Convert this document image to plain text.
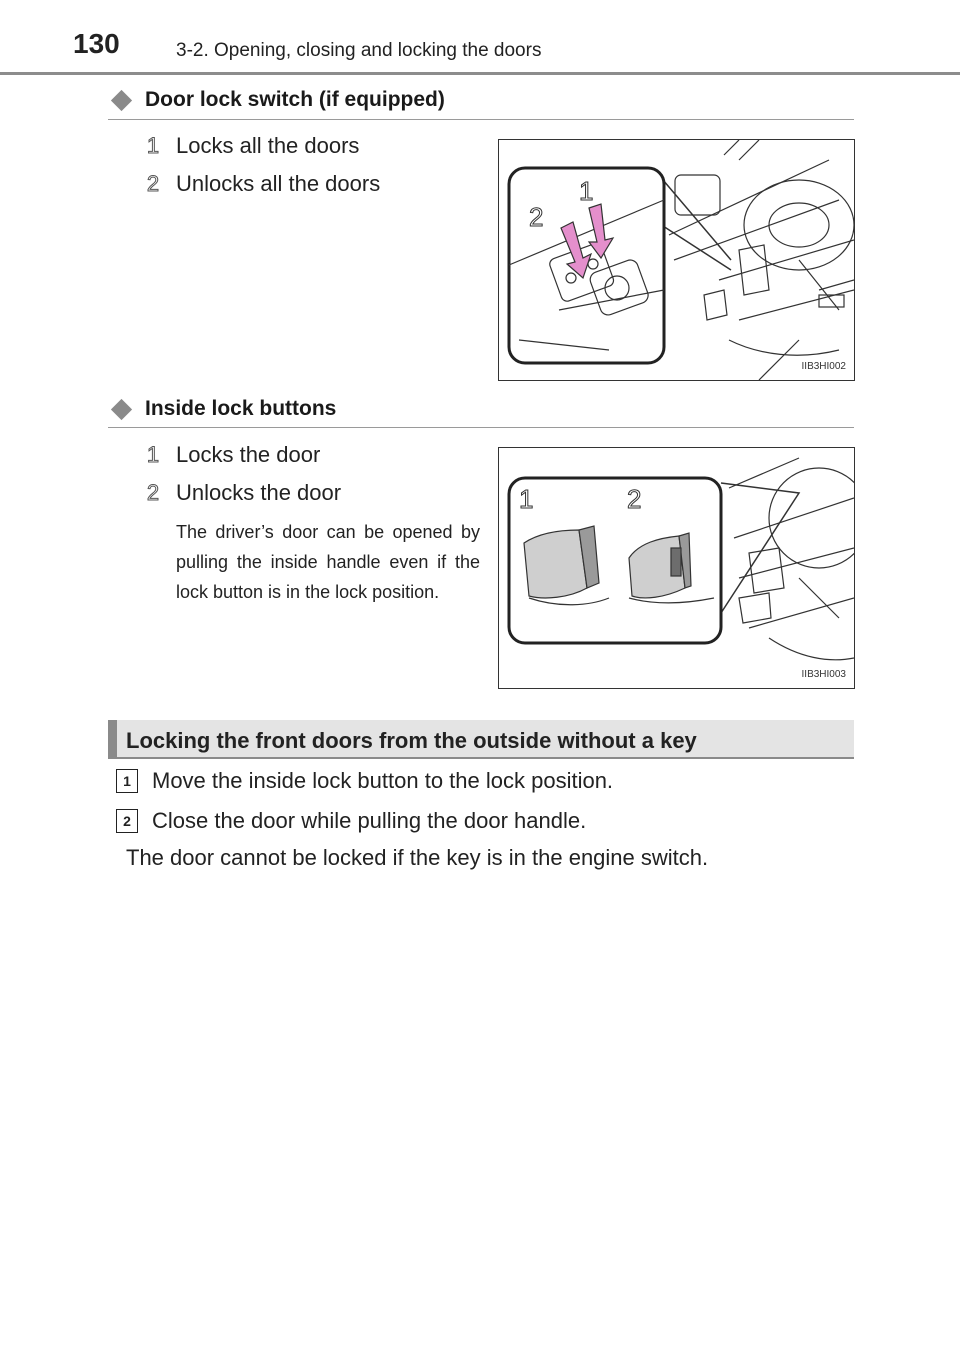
130	3-2. Opening, closing and locking the doors
Door lock switch (if equipped)
1 Locks all the doors
2 Unlocks all the doors	1
2
IIB3HI002
Inside lock buttons
1 Locks the door
2 Unlocks the door
The driver’s door can be opened by pulling the inside handle even if the lock button is in the lock position.
1	2
IIB3HI003
Locking the front doors from the outside without a key
1 Move the inside lock button to the lock position.
2 Close the door while pulling the door handle.
The door cannot be locked if the key is in the engine switch.
